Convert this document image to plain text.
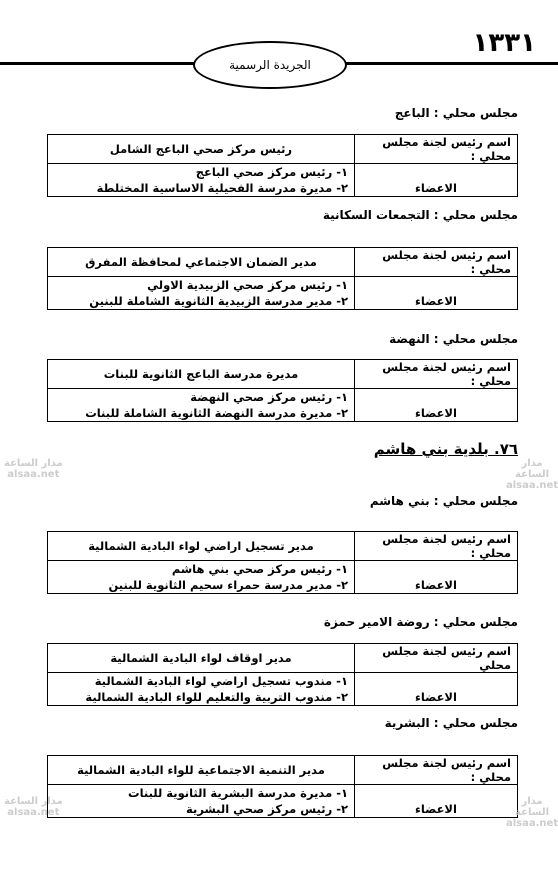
١٣٣١
الجريدة الرسمية
مجلس محلي : الباعج
اسم رئيس لجنة مجلس محلي :	رئيس مركز صحي الباعج الشامل
الاعضاء	١- رئيس مركز صحي الباعج
٢- مديرة مدرسة الفحيلية الاساسية المختلطة
مجلس محلي : التجمعات السكانية
اسم رئيس لجنة مجلس محلي :	مدير الضمان الاجتماعي لمحافظة المفرق
الاعضاء	١- رئيس مركز صحي الزبيدية الاولي
٢- مدير مدرسة الزبيدية الثانوية الشاملة للبنين
مجلس محلي : النهضة
اسم رئيس لجنة مجلس محلي :	مديرة مدرسة الباعج الثانوية للبنات
الاعضاء	١- رئيس مركز صحي النهضة
٢- مديرة مدرسة النهضة الثانوية الشاملة للبنات
٧٦. بلدية بني هاشم
مجلس محلي : بني هاشم
اسم رئيس لجنة مجلس محلي :	مدير تسجيل اراضي لواء البادية الشمالية
الاعضاء	١- رئيس مركز صحي بني هاشم
٢- مدير مدرسة حمراء سحيم الثانوية للبنين
مجلس محلي : روضة الامير حمزة
اسم رئيس لجنة مجلس محلي	مدير اوقاف لواء البادية الشمالية
الاعضاء	١- مندوب تسجيل اراضي لواء البادية الشمالية
٢- مندوب التربية والتعليم للواء البادية الشمالية
مجلس محلي : البشرية
اسم رئيس لجنة مجلس محلي :	مدير التنمية الاجتماعية للواء البادية الشمالية
الاعضاء	١- مديرة مدرسة البشرية الثانوية للبنات
٢- رئيس مركز صحي البشرية
مدار الساعة
alsaa.net
مدار الساعة
alsaa.net
مدار الساعة
alsaa.net
مدار الساعة
alsaa.net
